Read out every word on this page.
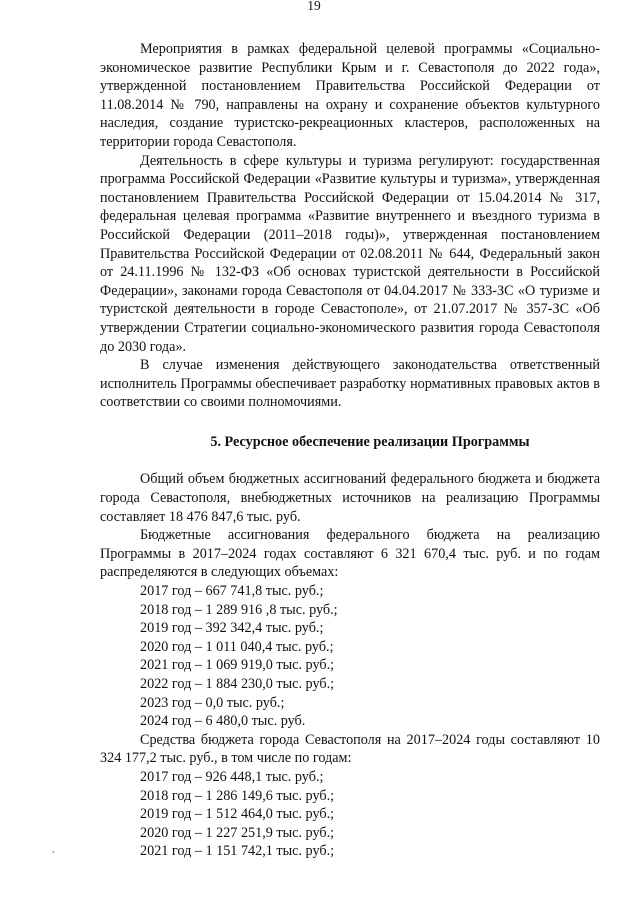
19

Мероприятия в рамках федеральной целевой программы «Социально-экономическое развитие Республики Крым и г. Севастополя до 2022 года», утвержденной постановлением Правительства Российской Федерации от 11.08.2014 № 790, направлены на охрану и сохранение объектов культурного наследия, создание туристско-рекреационных кластеров, расположенных на территории города Севастополя.

Деятельность в сфере культуры и туризма регулируют: государственная программа Российской Федерации «Развитие культуры и туризма», утвержденная постановлением Правительства Российской Федерации от 15.04.2014 № 317, федеральная целевая программа «Развитие внутреннего и въездного туризма в Российской Федерации (2011–2018 годы)», утвержденная постановлением Правительства Российской Федерации от 02.08.2011 № 644, Федеральный закон от 24.11.1996 № 132-ФЗ «Об основах туристской деятельности в Российской Федерации», законами города Севастополя от 04.04.2017 № 333-ЗС «О туризме и туристской деятельности в городе Севастополе», от 21.07.2017 № 357-ЗС «Об утверждении Стратегии социально-экономического развития города Севастополя до 2030 года».

В случае изменения действующего законодательства ответственный исполнитель Программы обеспечивает разработку нормативных правовых актов в соответствии со своими полномочиями.

5. Ресурсное обеспечение реализации Программы

Общий объем бюджетных ассигнований федерального бюджета и бюджета города Севастополя, внебюджетных источников на реализацию Программы составляет 18 476 847,6 тыс. руб.

Бюджетные ассигнования федерального бюджета на реализацию Программы в 2017–2024 годах составляют 6 321 670,4 тыс. руб. и по годам распределяются в следующих объемах:

2017 год – 667 741,8 тыс. руб.;
2018 год – 1 289 916 ,8 тыс. руб.;
2019 год – 392 342,4 тыс. руб.;
2020 год – 1 011 040,4 тыс. руб.;
2021 год – 1 069 919,0 тыс. руб.;
2022 год – 1 884 230,0 тыс. руб.;
2023 год – 0,0 тыс. руб.;
2024 год – 6 480,0 тыс. руб.

Средства бюджета города Севастополя на 2017–2024 годы составляют 10 324 177,2 тыс. руб., в том числе по годам:

2017 год – 926 448,1 тыс. руб.;
2018 год – 1 286 149,6 тыс. руб.;
2019 год – 1 512 464,0 тыс. руб.;
2020 год – 1 227 251,9 тыс. руб.;
2021 год – 1 151 742,1 тыс. руб.;
,
